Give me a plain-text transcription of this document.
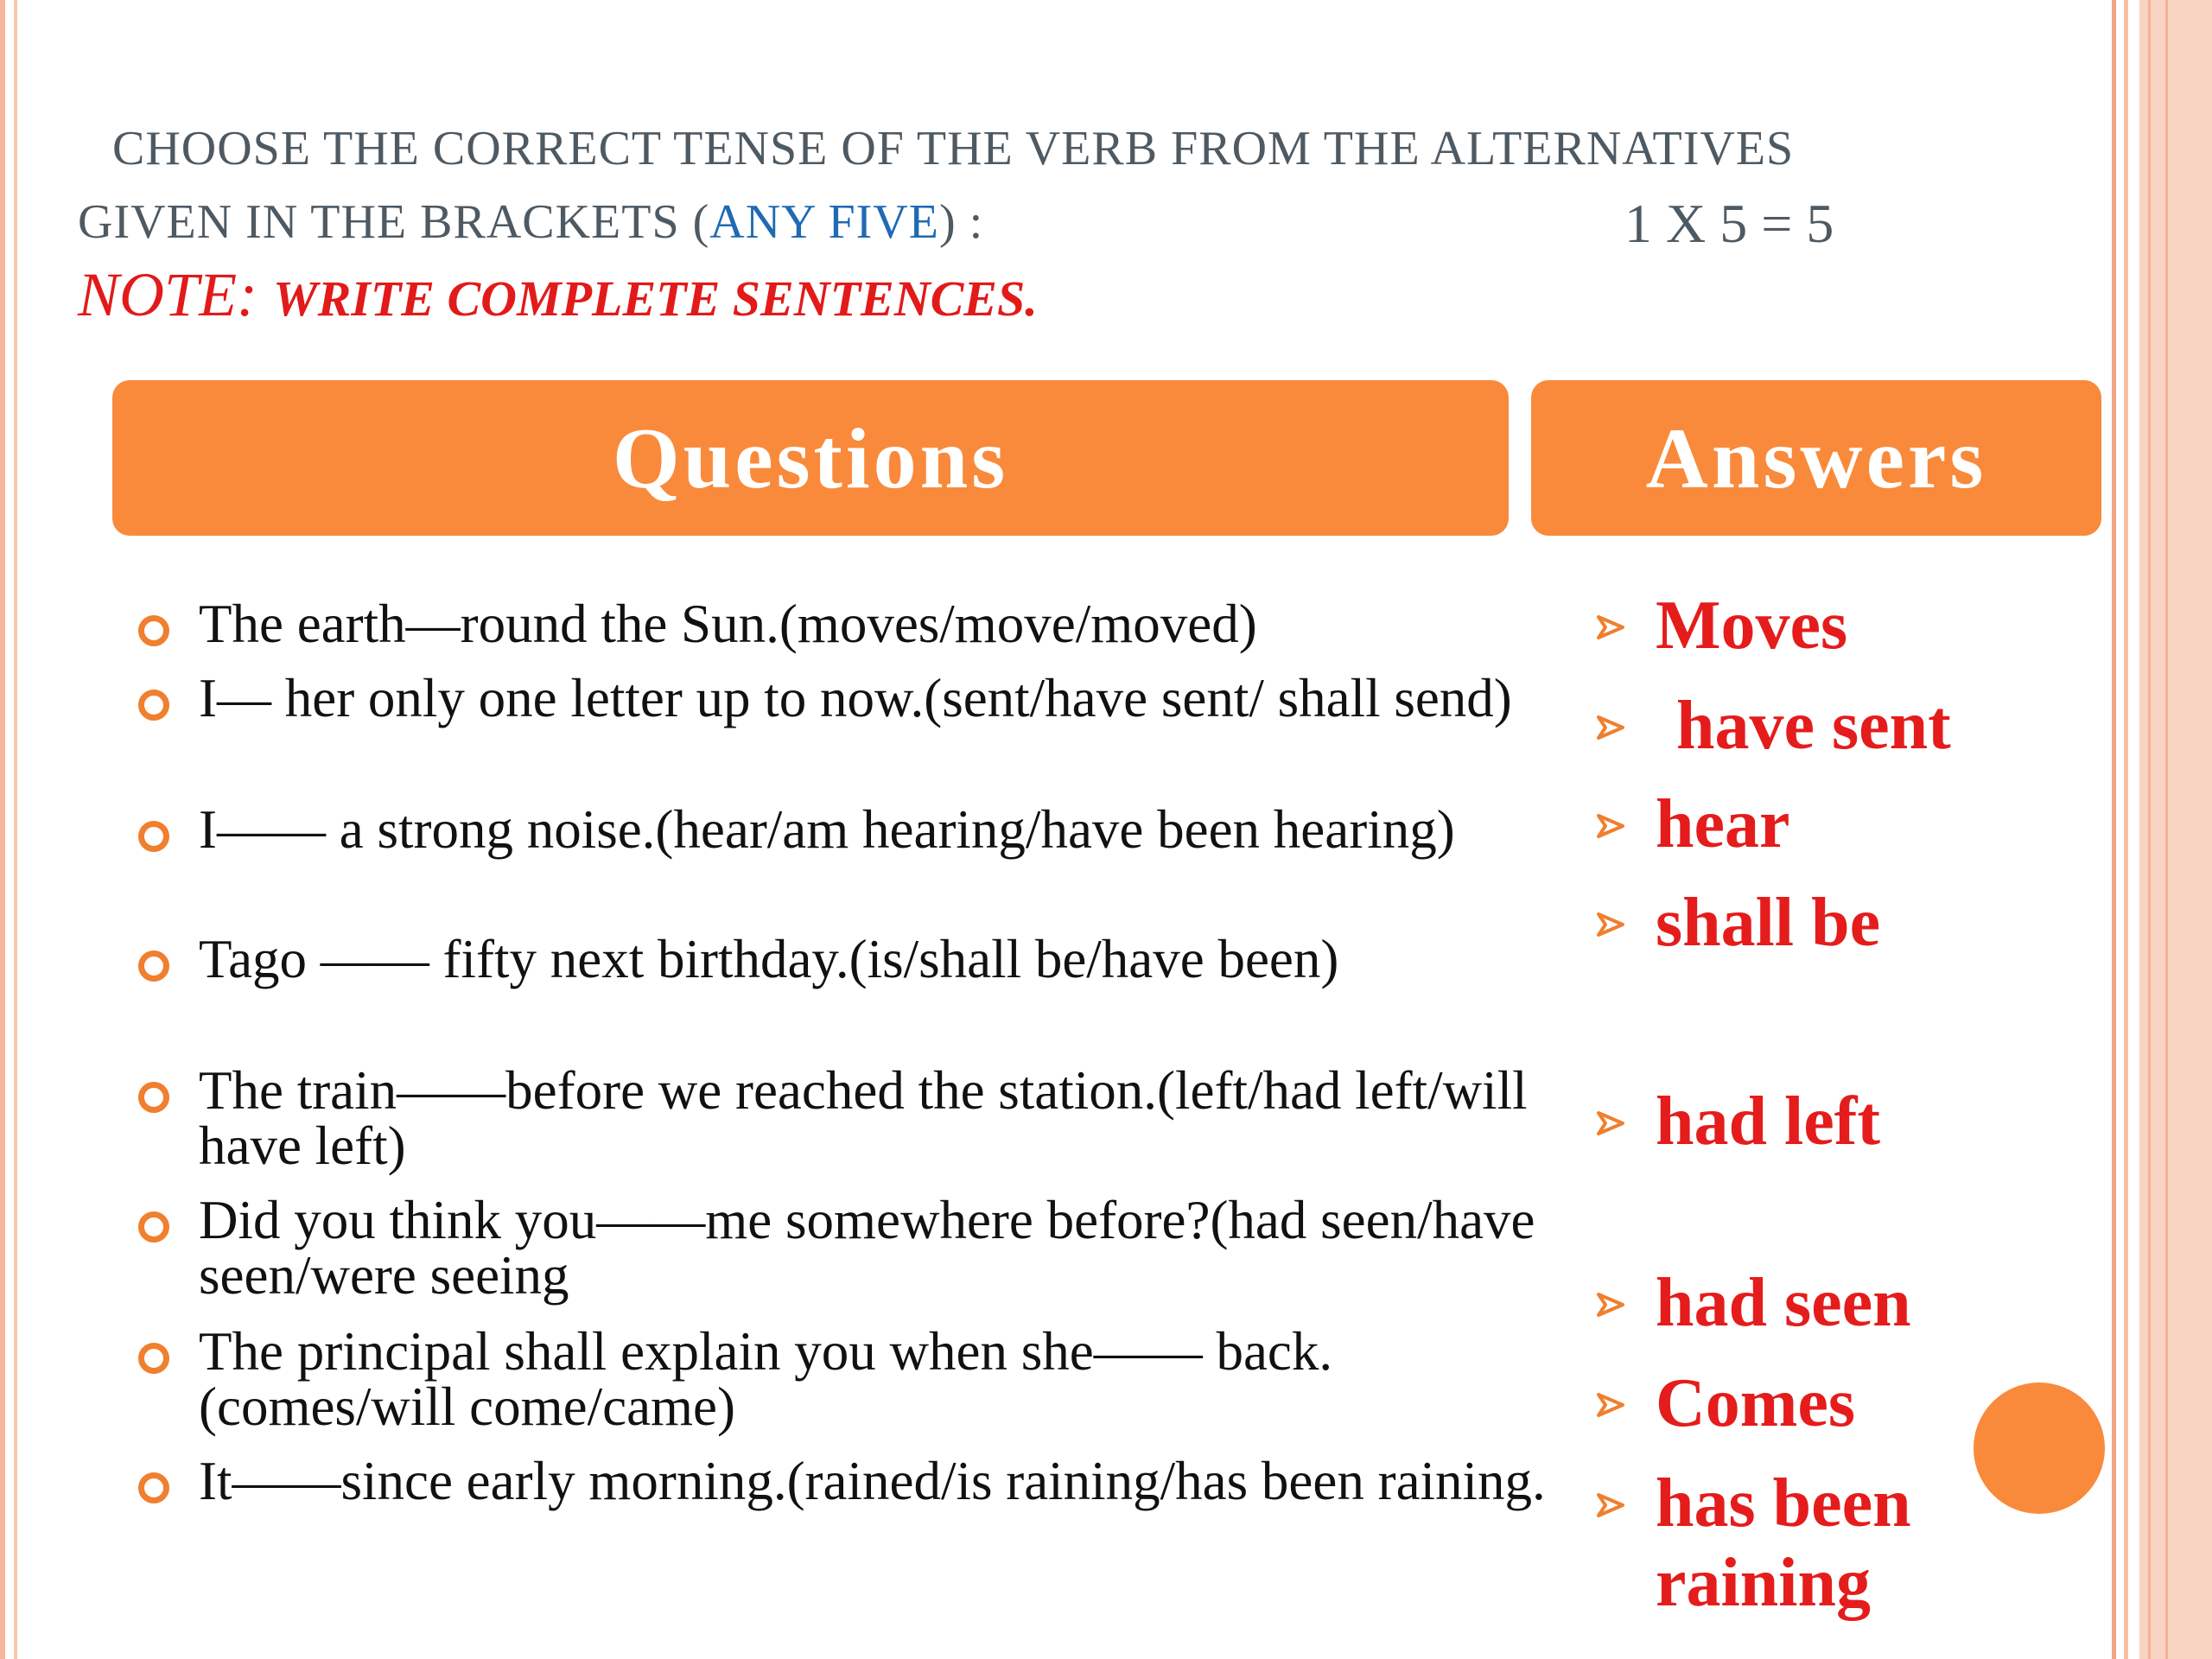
CHOOSE THE CORRECT TENSE OF THE VERB FROM THE ALTERNATIVES
GIVEN IN THE BRACKETS (ANY FIVE) :	1 X 5 = 5
NOTE: WRITE COMPLETE SENTENCES.
Questions	Answers
The earth—round the Sun.(moves/move/moved)
I— her only one letter up to now.(sent/have sent/ shall send)
I—— a strong noise.(hear/am hearing/have been hearing)
Tago —— fifty next birthday.(is/shall be/have been)
The train——before we reached the station.(left/had left/will have left)
Did you think you——me somewhere before?(had seen/have seen/were seeing
The principal shall explain you when she—— back.(comes/will come/came)
It——since early morning.(rained/is raining/has been raining.
Moves
have sent
hear
shall be
had left
had seen
Comes
has been raining
